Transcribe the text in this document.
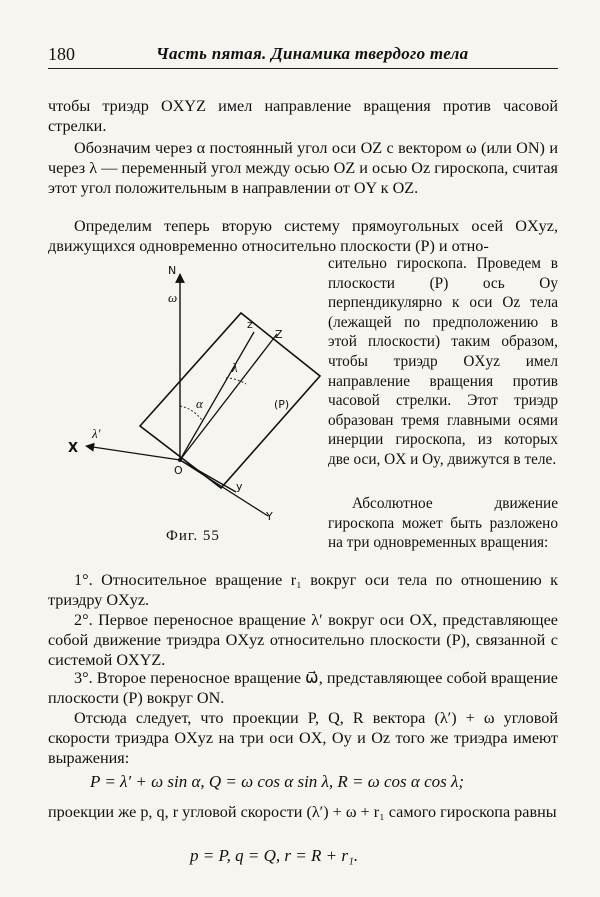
180	Часть пятая. Динамика твердого тела

чтобы триэдр OXYZ имел направление вращения против часовой стрелки.

Обозначим через α постоянный угол оси OZ с вектором ω (или ON) и через λ — переменный угол между осью OZ и осью Oz гироскопа, считая этот угол положительным в направлении от OY к OZ.

Определим теперь вторую систему прямоугольных осей OXyz, движущихся одновременно относительно плоскости (P) и отно-

сительно гироскопа. Проведем в плоскости (P) ось Oy перпендикулярно к оси Oz тела (лежащей по предположению в этой плоскости) таким образом, чтобы триэдр OXyz имел направление вращения против часовой стрелки. Этот триэдр образован тремя главными осями инерции гироскопа, из которых две оси, OX и Oy, движутся в теле.

Абсолютное движение гироскопа может быть разложено на три одновременных вращения:

N
ω
z
Z
λ
α	(P)
X
λ′
O
y
Y
Фиг. 55

1°. Относительное вращение r₁ вокруг оси тела по отношению к триэдру OXyz.

2°. Первое переносное вращение λ′ вокруг оси OX, представляющее собой движение триэдра OXyz относительно плоскости (P), связанной с системой OXYZ.

3°. Второе переносное вращение ω⃗, представляющее собой вращение плоскости (P) вокруг ON.

Отсюда следует, что проекции P, Q, R вектора (λ′) + ω угловой скорости триэдра OXyz на три оси OX, Oy и Oz того же триэдра имеют выражения:

P = λ′ + ω sin α, Q = ω cos α sin λ, R = ω cos α cos λ;

проекции же p, q, r угловой скорости (λ′) + ω + r₁ самого гироскопа равны

p = P, q = Q, r = R + r₁.
